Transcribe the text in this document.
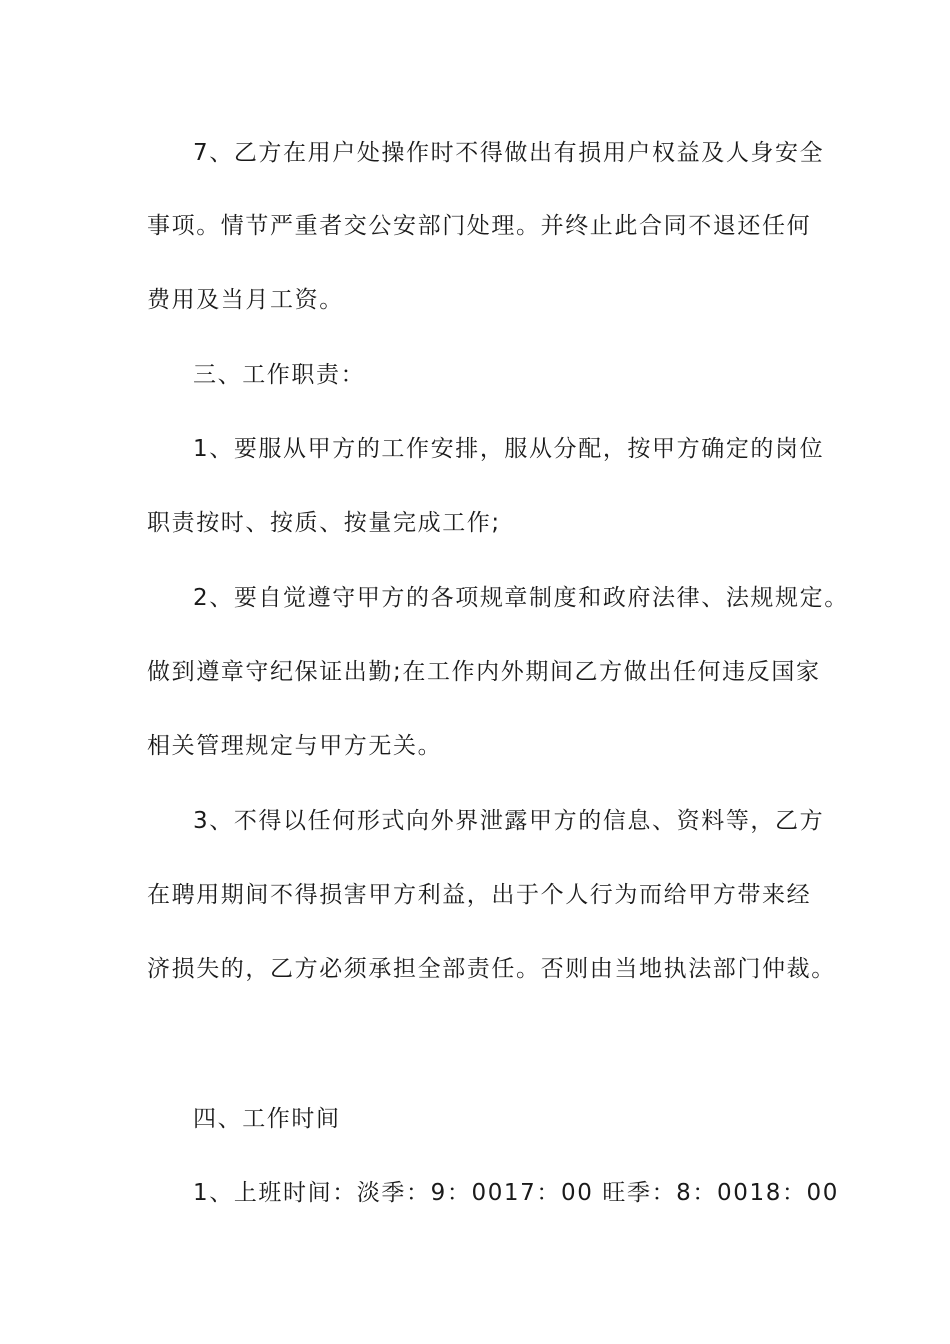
7、乙方在用户处操作时不得做出有损用户权益及人身安全
事项。情节严重者交公安部门处理。并终止此合同不退还任何
费用及当月工资。
三、工作职责：
1、要服从甲方的工作安排，服从分配，按甲方确定的岗位
职责按时、按质、按量完成工作;
2、要自觉遵守甲方的各项规章制度和政府法律、法规规定。
做到遵章守纪保证出勤;在工作内外期间乙方做出任何违反国家
相关管理规定与甲方无关。
3、不得以任何形式向外界泄露甲方的信息、资料等，乙方
在聘用期间不得损害甲方利益，出于个人行为而给甲方带来经
济损失的，乙方必须承担全部责任。否则由当地执法部门仲裁。
四、工作时间
1、上班时间：淡季：9：0017：00 旺季：8：0018：00
